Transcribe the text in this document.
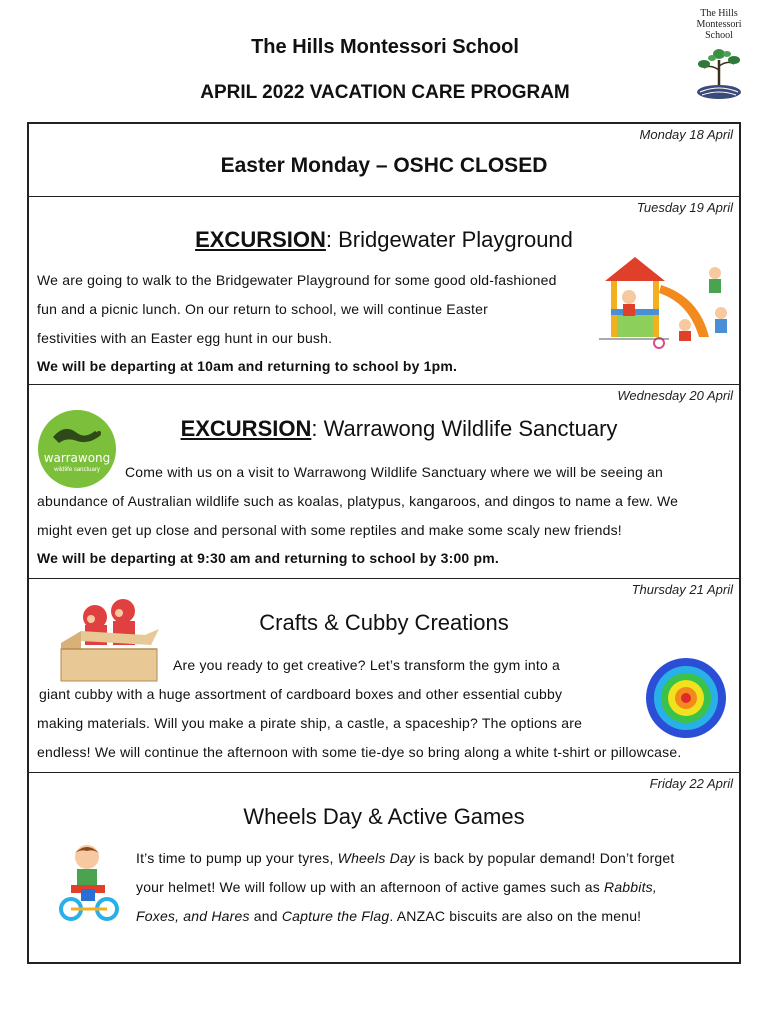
The Hills Montessori School
APRIL 2022 VACATION CARE PROGRAM
The Hills
Montessori
School
Monday 18 April
Easter Monday – OSHC CLOSED
Tuesday 19 April
EXCURSION: Bridgewater Playground
We are going to walk to the Bridgewater Playground for some good old-fashioned
fun and a picnic lunch. On our return to school, we will continue Easter
festivities with an Easter egg hunt in our bush.
We will be departing at 10am and returning to school by 1pm.
Wednesday 20 April
EXCURSION: Warrawong Wildlife Sanctuary
warrawong
wildlife sanctuary	Come with us on a visit to Warrawong Wildlife Sanctuary where we will be seeing an
abundance of Australian wildlife such as koalas, platypus, kangaroos, and dingos to name a few. We
might even get up close and personal with some reptiles and make some scaly new friends!
We will be departing at 9:30 am and returning to school by 3:00 pm.
Thursday 21 April
Crafts & Cubby Creations
Are you ready to get creative? Let’s transform the gym into a
giant cubby with a huge assortment of cardboard boxes and other essential cubby
making materials. Will you make a pirate ship, a castle, a spaceship? The options are
endless! We will continue the afternoon with some tie-dye so bring along a white t-shirt or pillowcase.
Friday 22 April
Wheels Day & Active Games
It’s time to pump up your tyres, Wheels Day is back by popular demand! Don’t forget
your helmet! We will follow up with an afternoon of active games such as Rabbits,
Foxes, and Hares and Capture the Flag. ANZAC biscuits are also on the menu!
